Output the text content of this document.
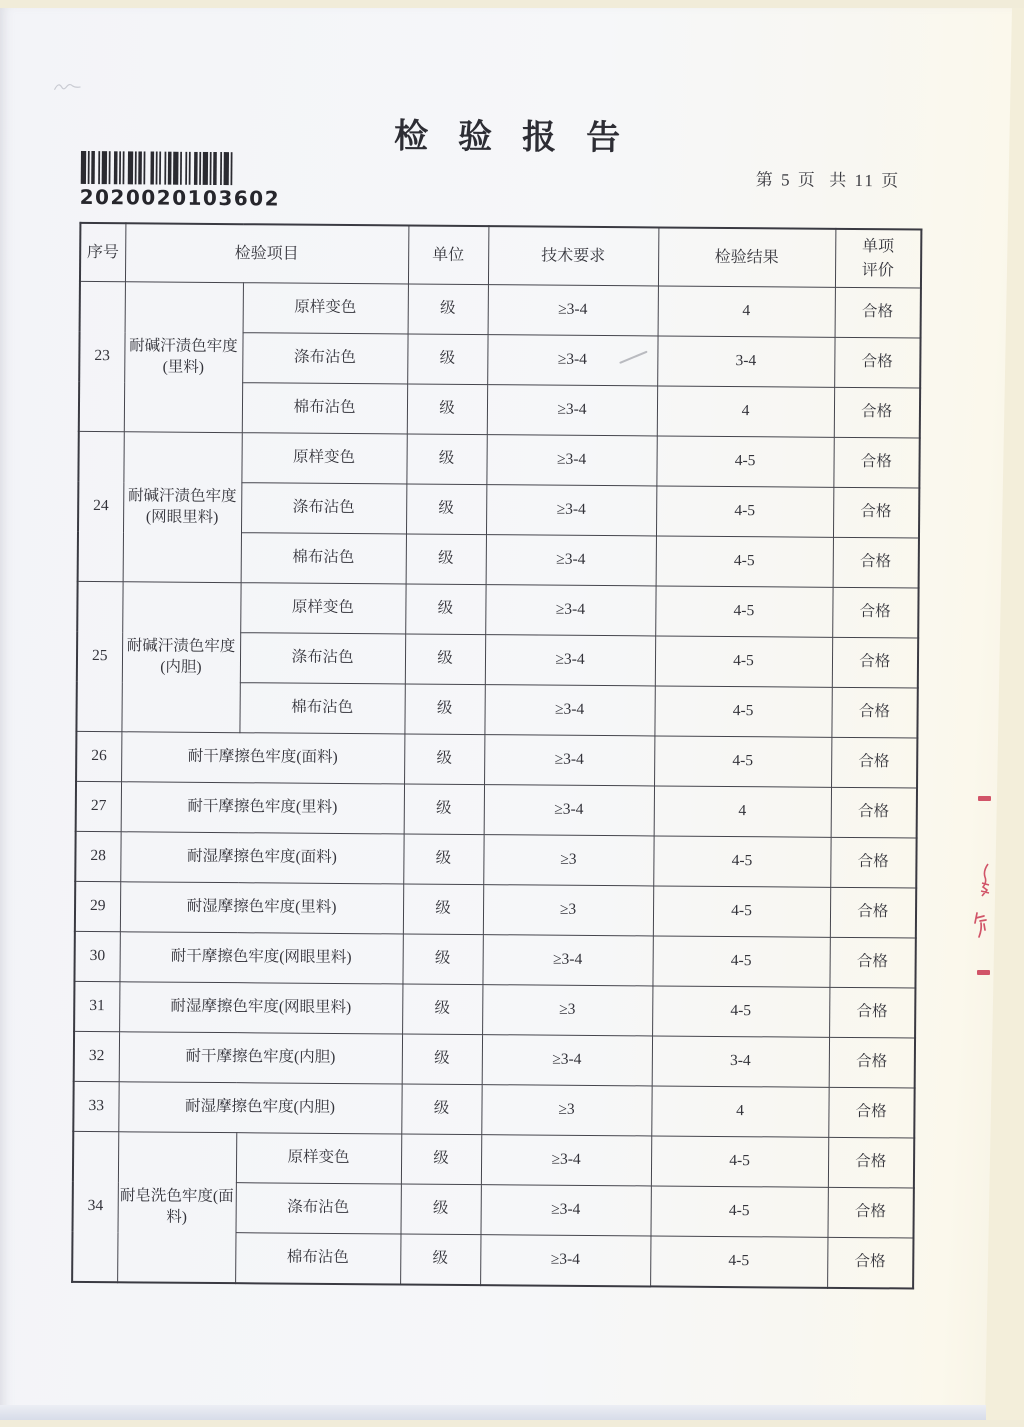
检验报告
第 5 页  共 11 页
2020020103602
序号	检验项目		单位	技术要求	检验结果	单项评价
23	耐碱汗渍色牢度(里料)	原样变色	级	≥3-4	4	合格
		涤布沾色	级	≥3-4	3-4	合格
		棉布沾色	级	≥3-4	4	合格
24	耐碱汗渍色牢度(网眼里料)	原样变色	级	≥3-4	4-5	合格
		涤布沾色	级	≥3-4	4-5	合格
		棉布沾色	级	≥3-4	4-5	合格
25	耐碱汗渍色牢度(内胆)	原样变色	级	≥3-4	4-5	合格
		涤布沾色	级	≥3-4	4-5	合格
		棉布沾色	级	≥3-4	4-5	合格
26	耐干摩擦色牢度(面料)		级	≥3-4	4-5	合格
27	耐干摩擦色牢度(里料)		级	≥3-4	4	合格
28	耐湿摩擦色牢度(面料)		级	≥3	4-5	合格
29	耐湿摩擦色牢度(里料)		级	≥3	4-5	合格
30	耐干摩擦色牢度(网眼里料)		级	≥3-4	4-5	合格
31	耐湿摩擦色牢度(网眼里料)		级	≥3	4-5	合格
32	耐干摩擦色牢度(内胆)		级	≥3-4	3-4	合格
33	耐湿摩擦色牢度(内胆)		级	≥3	4	合格
34	耐皂洗色牢度(面料)	原样变色	级	≥3-4	4-5	合格
		涤布沾色	级	≥3-4	4-5	合格
		棉布沾色	级	≥3-4	4-5	合格
